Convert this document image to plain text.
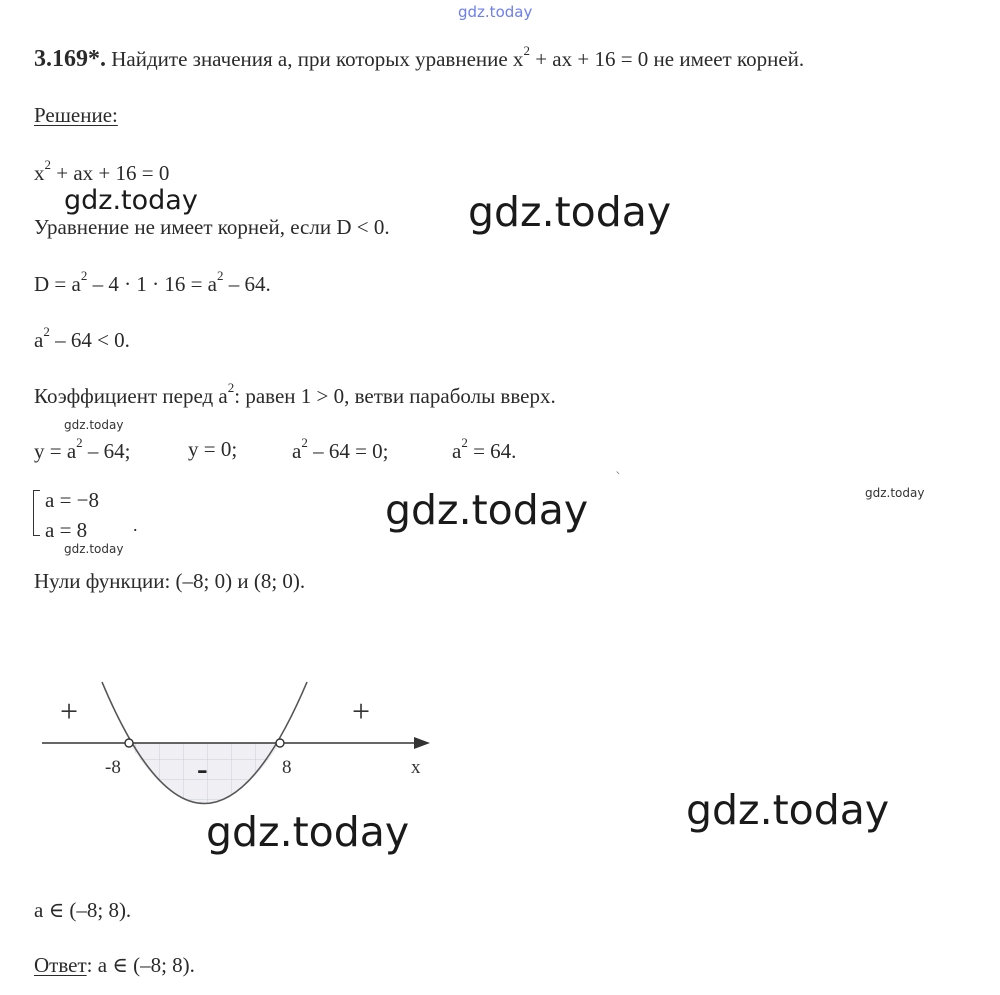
gdz.today
3.169*. Найдите значения a, при которых уравнение $x^2$ + ax + 16 = 0 не имеет корней.
Решение:
$x^2$ + ax + 16 = 0
Уравнение не имеет корней, если D < 0.
$D = a^2 - 4 \cdot 1 \cdot 16 = a^2 - 64$.
$a^2 - 64 < 0$.
Коэффициент перед $a^2$: равен 1 > 0, ветви параболы вверх.
$y = a^2 - 64$;	y = 0;	$a^2 - 64 = 0$;	$a^2 = 64$.
a = −8
a = 8	.
Нули функции: (–8; 0) и (8; 0).
+	+
-
-8	8	x
a ∈ (–8; 8).
Ответ: a ∈ (–8; 8).
gdz.today	gdz.today
gdz.today
gdz.today	gdz.today
gdz.today
gdz.today
gdz.today
`
